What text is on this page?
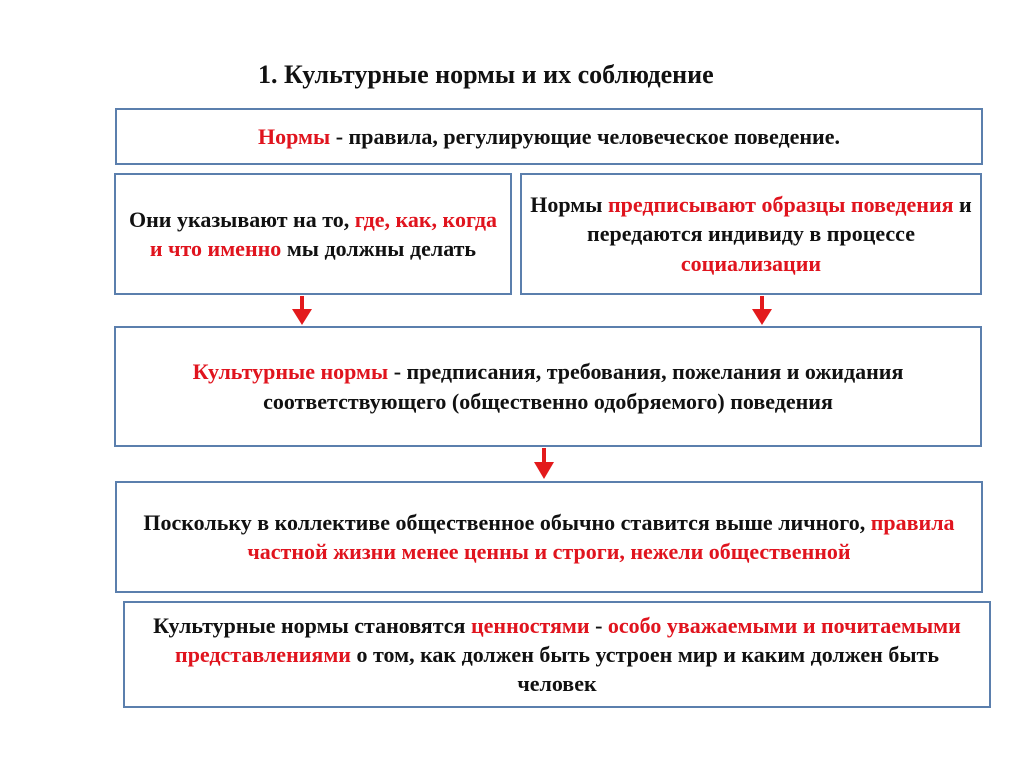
1. Культурные нормы и их соблюдение

Нормы - правила, регулирующие человеческое поведение.

Они указывают на то, где, как, когда и что именно мы должны делать

Нормы предписывают образцы поведения и передаются индивиду в процессе социализации

Культурные нормы - предписания, требования, пожелания и ожидания соответствующего (общественно одобряемого) поведения

Поскольку в коллективе общественное обычно ставится выше личного, правила частной жизни менее ценны и строги, нежели общественной

Культурные нормы становятся ценностями - особо уважаемыми и почитаемыми представлениями о том, как должен быть устроен мир и каким должен быть человек
